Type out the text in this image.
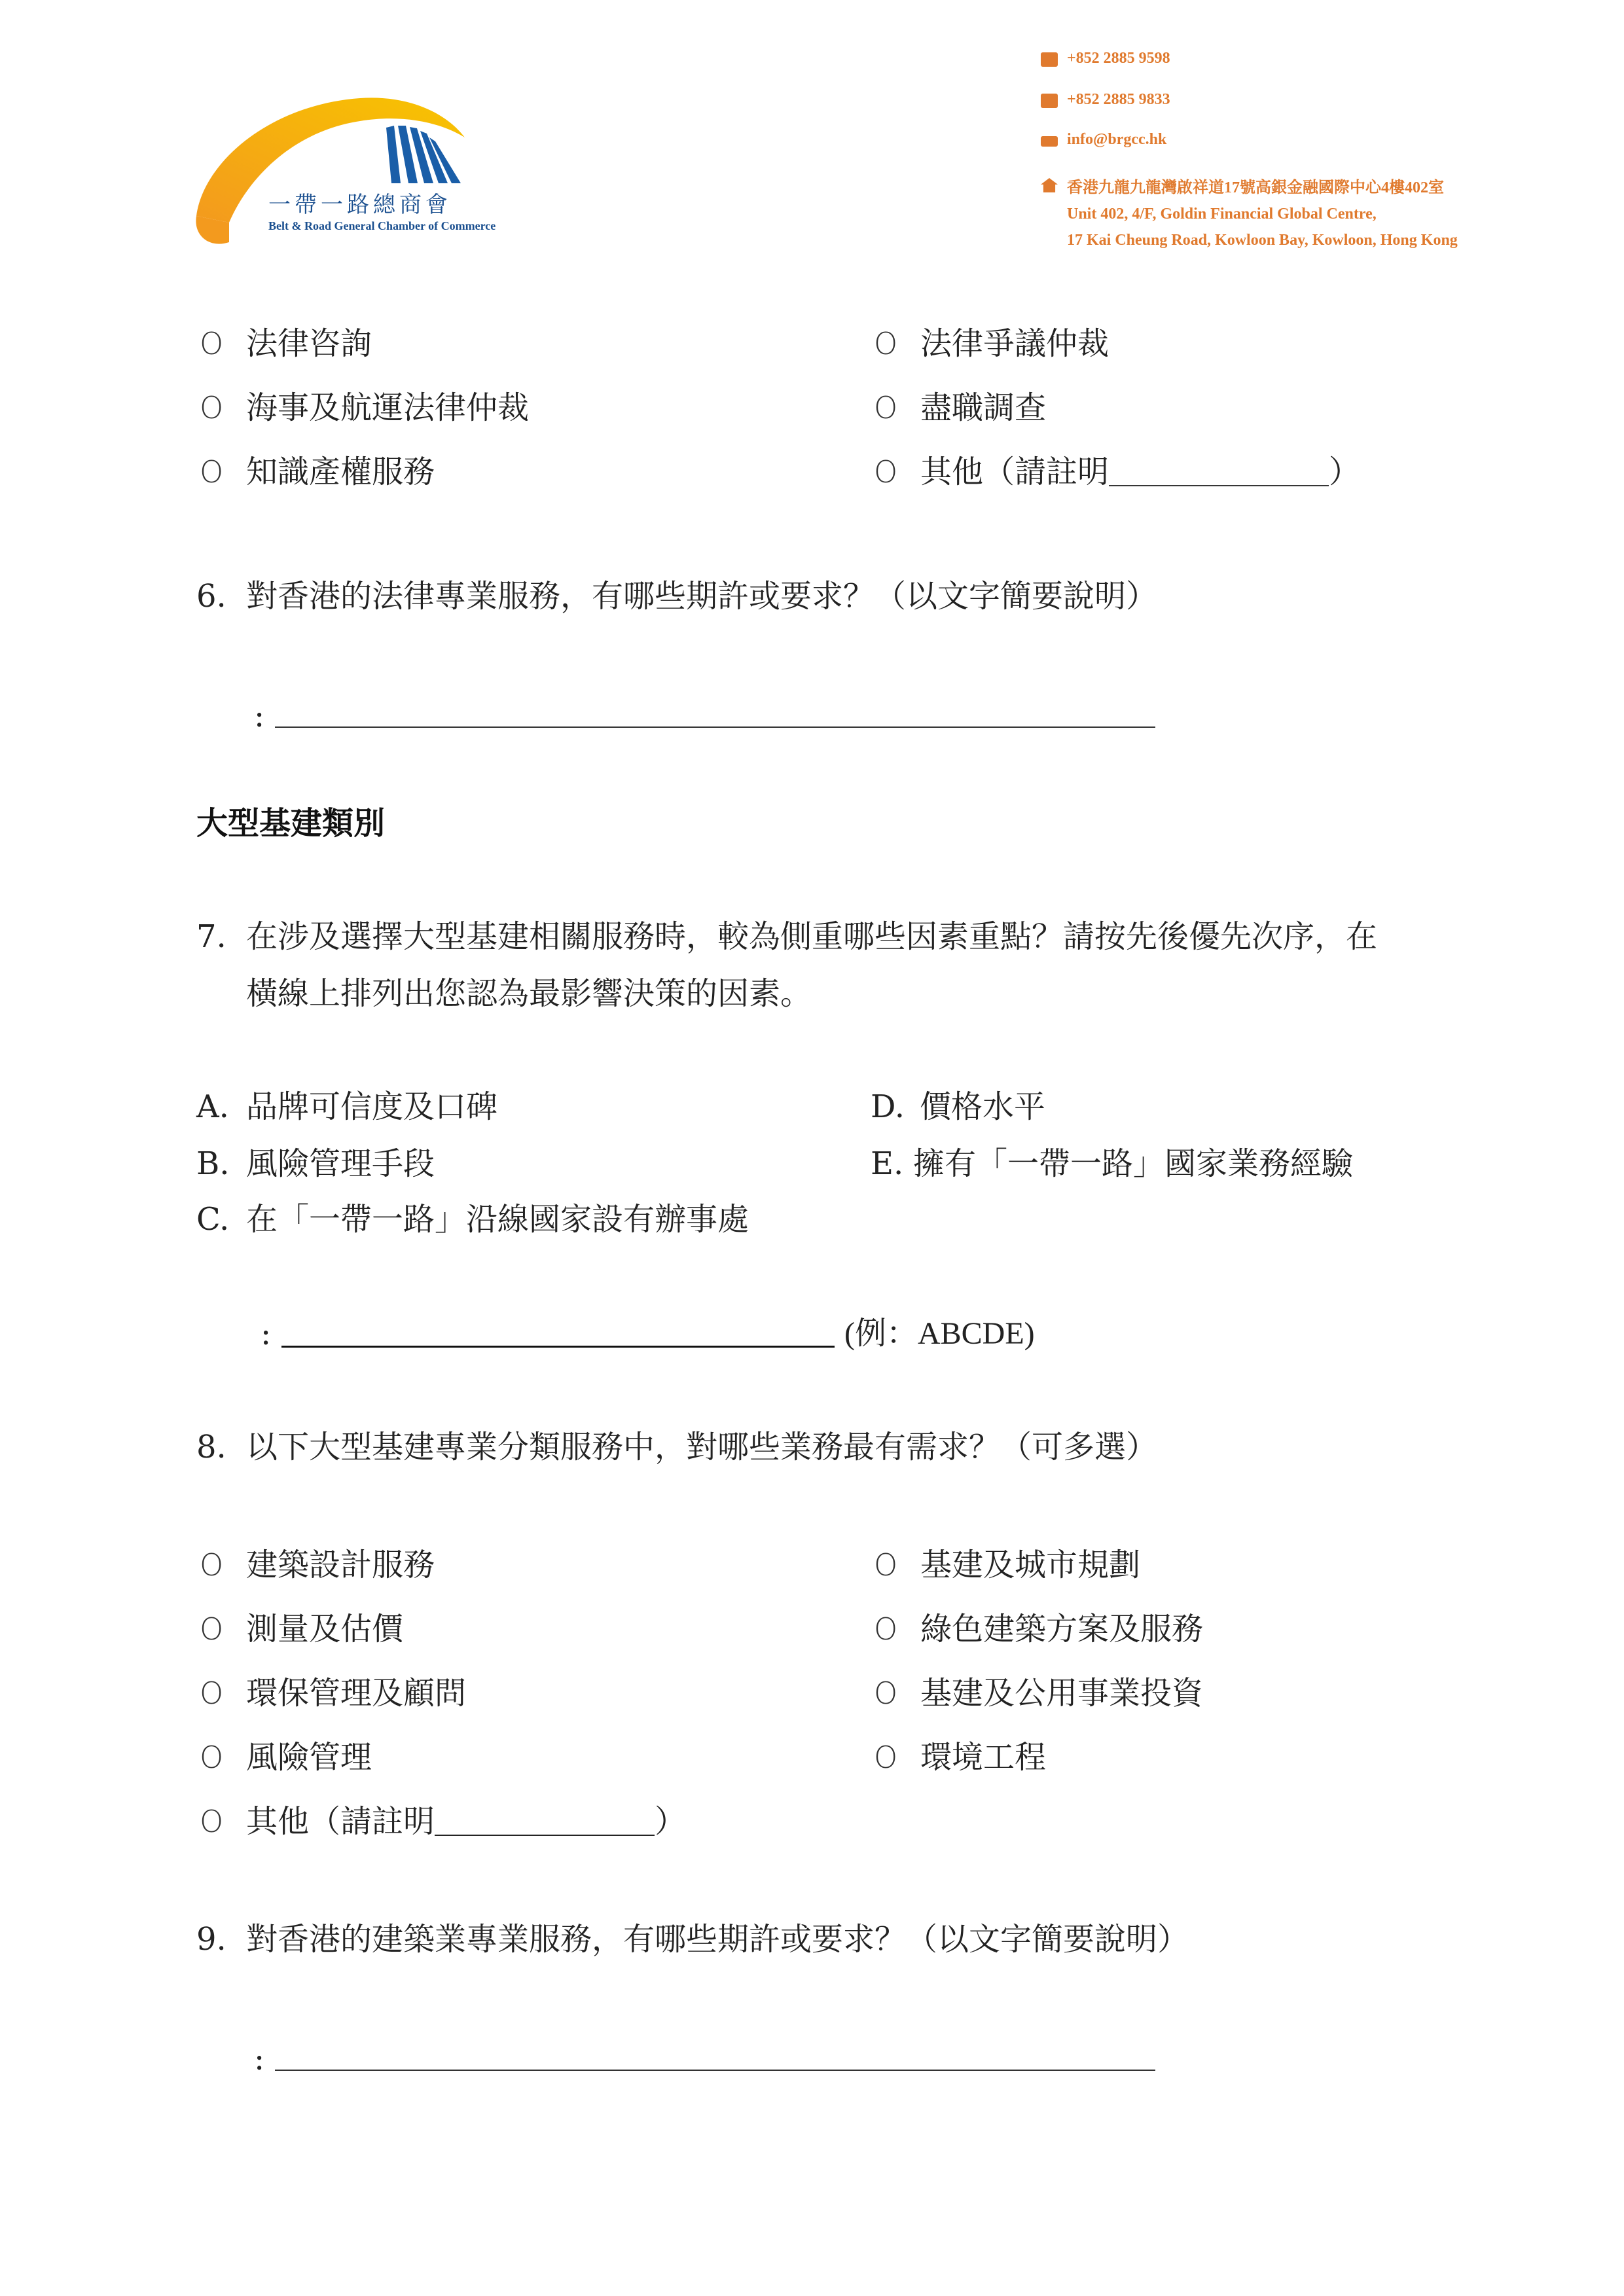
一帶一路總商會
Belt & Road General Chamber of Commerce
+852 2885 9598
+852 2885 9833
info@brgcc.hk
香港九龍九龍灣啟祥道17號高銀金融國際中心4樓402室
Unit 402, 4/F, Goldin Financial Global Centre,
17 Kai Cheung Road, Kowloon Bay, Kowloon, Hong Kong
O 法律咨詢	O 法律爭議仲裁
O 海事及航運法律仲裁	O 盡職調查
O 知識產權服務	O 其他（請註明＿＿＿＿＿＿＿）
6. 對香港的法律專業服務，有哪些期許或要求？（以文字簡要說明）
:
大型基建類別
7. 在涉及選擇大型基建相關服務時，較為側重哪些因素重點？請按先後優先次序，在
橫線上排列出您認為最影響決策的因素。
A. 品牌可信度及口碑	D. 價格水平
B. 風險管理手段	E. 擁有「一帶一路」國家業務經驗
C. 在「一帶一路」沿線國家設有辦事處
:	(例：ABCDE)
8. 以下大型基建專業分類服務中，對哪些業務最有需求？（可多選）
O 建築設計服務	O 基建及城市規劃
O 測量及估價	O 綠色建築方案及服務
O 環保管理及顧問	O 基建及公用事業投資
O 風險管理	O 環境工程
O 其他（請註明＿＿＿＿＿＿＿）
9. 對香港的建築業專業服務，有哪些期許或要求？（以文字簡要說明）
:
